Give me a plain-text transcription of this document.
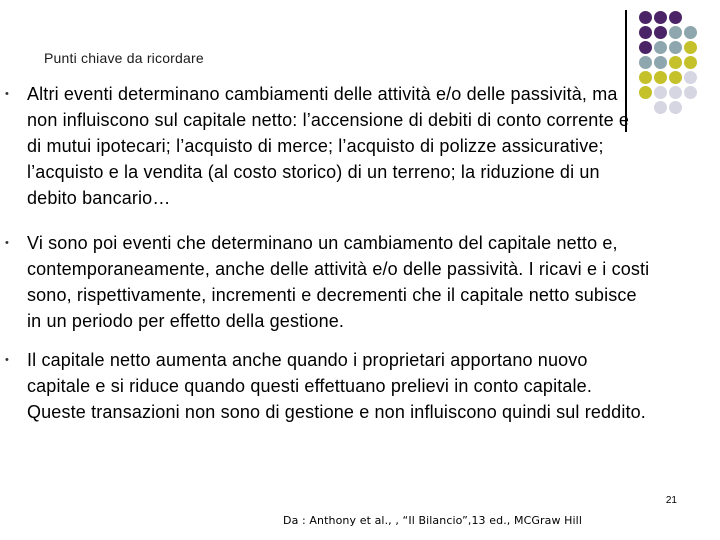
Punti chiave da ricordare
• Altri eventi determinano cambiamenti delle attività e/o delle passività, ma non influiscono sul capitale netto: l’accensione di debiti di conto corrente e di mutui ipotecari; l’acquisto di merce; l’acquisto di polizze assicurative; l’acquisto e la vendita (al costo storico) di un terreno; la riduzione di un debito bancario…
• Vi sono poi eventi che determinano un cambiamento del capitale netto e, contemporaneamente, anche delle attività e/o delle passività. I ricavi e i costi sono, rispettivamente, incrementi e decrementi che il capitale netto subisce in un periodo per effetto della gestione.
• Il capitale netto aumenta anche quando i proprietari apportano nuovo capitale e si riduce quando questi effettuano prelievi in conto capitale. Queste transazioni non sono di gestione e non influiscono quindi sul reddito.
21
Da : Anthony et al., , “Il Bilancio”,13 ed., MCGraw Hill
